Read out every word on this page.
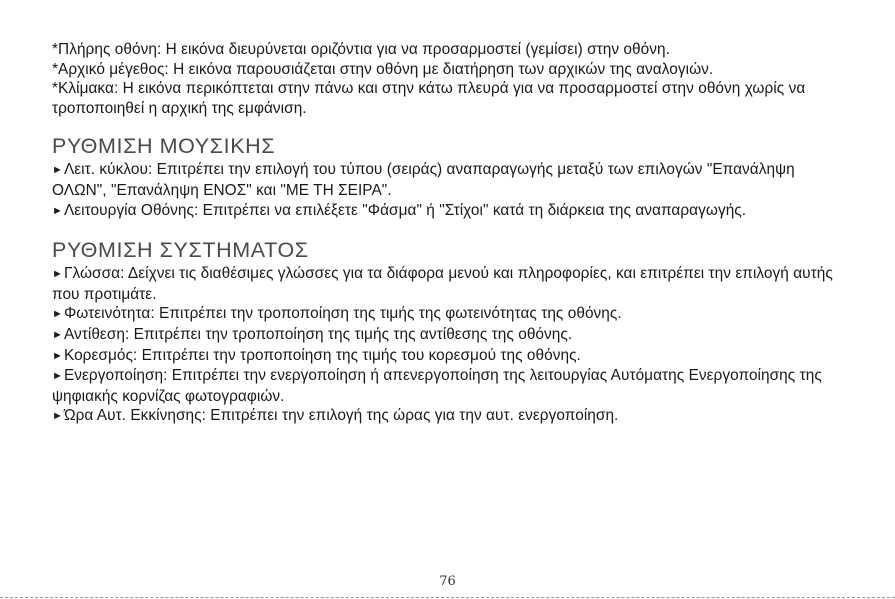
*Πλήρης οθόνη: Η εικόνα διευρύνεται οριζόντια για να προσαρμοστεί (γεμίσει) στην οθόνη.

*Αρχικό μέγεθος: Η εικόνα παρουσιάζεται στην οθόνη με διατήρηση των αρχικών της αναλογιών.

*Κλίμακα: Η εικόνα περικόπτεται στην πάνω και στην κάτω πλευρά για να προσαρμοστεί στην οθόνη χωρίς να τροποποιηθεί η αρχική της εμφάνιση.

ΡΥΘΜΙΣΗ ΜΟΥΣΙΚΗΣ

►Λειτ. κύκλου: Επιτρέπει την επιλογή του τύπου (σειράς) αναπαραγωγής μεταξύ των επιλογών "Επανάληψη ΟΛΩΝ", "Επανάληψη ΕΝΟΣ" και "ΜΕ ΤΗ ΣΕΙΡΑ".

►Λειτουργία Οθόνης: Επιτρέπει να επιλέξετε "Φάσμα" ή "Στίχοι" κατά τη διάρκεια της αναπαραγωγής.

ΡΥΘΜΙΣΗ ΣΥΣΤΗΜΑΤΟΣ

►Γλώσσα: Δείχνει τις διαθέσιμες γλώσσες για τα διάφορα μενού και πληροφορίες, και επιτρέπει την επιλογή αυτής που προτιμάτε.

►Φωτεινότητα: Επιτρέπει την τροποποίηση της τιμής της φωτεινότητας της οθόνης.

►Αντίθεση: Επιτρέπει την τροποποίηση της τιμής της αντίθεσης της οθόνης.

►Κορεσμός: Επιτρέπει την τροποποίηση της τιμής του κορεσμού της οθόνης.

►Ενεργοποίηση: Επιτρέπει την ενεργοποίηση ή απενεργοποίηση της λειτουργίας Αυτόματης Ενεργοποίησης της ψηφιακής κορνίζας φωτογραφιών.

►Ώρα Αυτ. Εκκίνησης: Επιτρέπει την επιλογή της ώρας για την αυτ. ενεργοποίηση.

76
